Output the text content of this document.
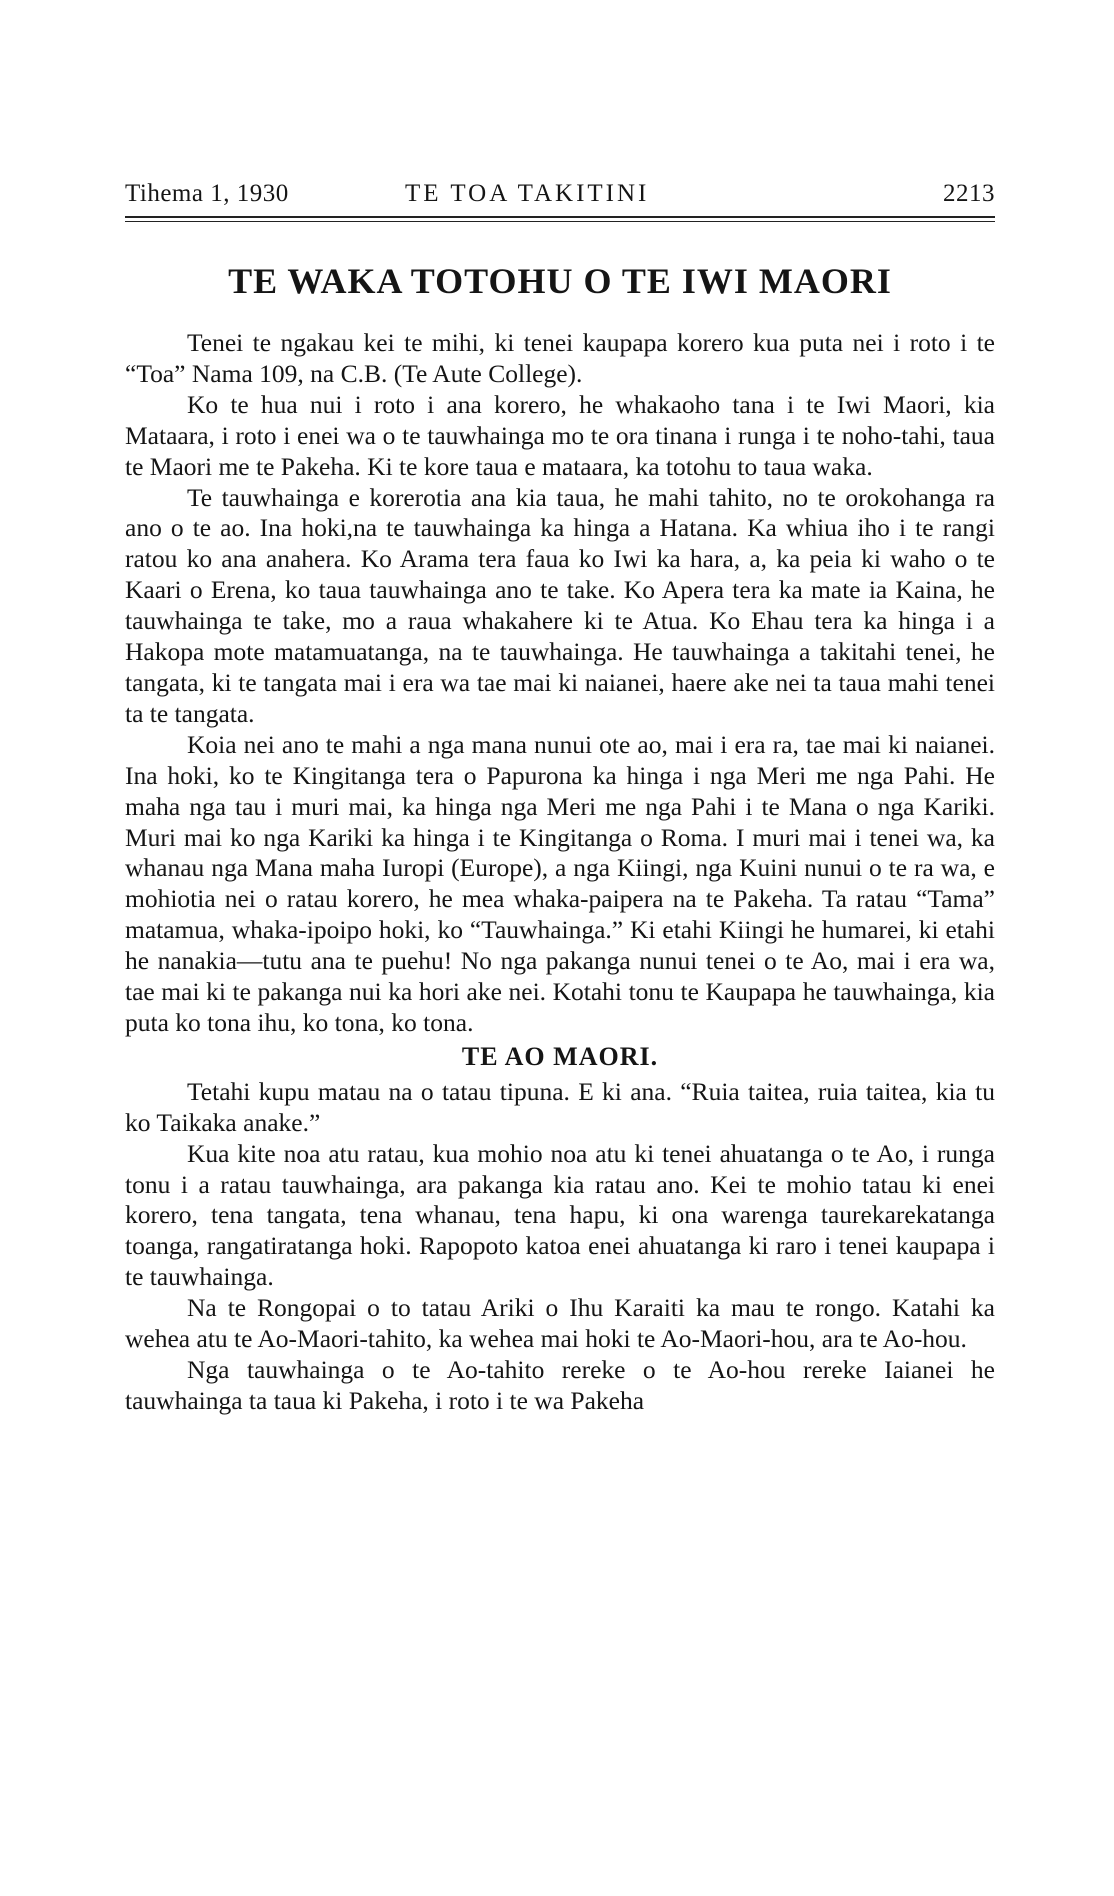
Tihema 1, 1930	TE TOA TAKITINI	2213
TE WAKA TOTOHU O TE IWI MAORI

Tenei te ngakau kei te mihi, ki tenei kaupapa korero kua puta nei i roto i te “Toa” Nama 109, na C.B. (Te Aute College).

Ko te hua nui i roto i ana korero, he whakaoho tana i te Iwi Maori, kia Mataara, i roto i enei wa o te tauwhainga mo te ora tinana i runga i te noho-tahi, taua te Maori me te Pakeha. Ki te kore taua e mataara, ka totohu to taua waka.

Te tauwhainga e korerotia ana kia taua, he mahi tahito, no te orokohanga ra ano o te ao. Ina hoki,na te tauwhainga ka hinga a Hatana. Ka whiua iho i te rangi ratou ko ana anahera. Ko Arama tera faua ko Iwi ka hara, a, ka peia ki waho o te Kaari o Erena, ko taua tauwhainga ano te take. Ko Apera tera ka mate ia Kaina, he tauwhainga te take, mo a raua whakahere ki te Atua. Ko Ehau tera ka hinga i a Hakopa mote matamuatanga, na te tauwhainga. He tauwhainga a takitahi tenei, he tangata, ki te tangata mai i era wa tae mai ki naianei, haere ake nei ta taua mahi tenei ta te tangata.

Koia nei ano te mahi a nga mana nunui ote ao, mai i era ra, tae mai ki naianei. Ina hoki, ko te Kingitanga tera o Papurona ka hinga i nga Meri me nga Pahi. He maha nga tau i muri mai, ka hinga nga Meri me nga Pahi i te Mana o nga Kariki. Muri mai ko nga Kariki ka hinga i te Kingitanga o Roma. I muri mai i tenei wa, ka whanau nga Mana maha Iuropi (Europe), a nga Kiingi, nga Kuini nunui o te ra wa, e mohiotia nei o ratau korero, he mea whaka-paipera na te Pakeha. Ta ratau “Tama” matamua, whaka-ipoipo hoki, ko “Tauwhainga.” Ki etahi Kiingi he humarei, ki etahi he nanakia—tutu ana te puehu! No nga pakanga nunui tenei o te Ao, mai i era wa, tae mai ki te pakanga nui ka hori ake nei. Kotahi tonu te Kaupapa he tauwhainga, kia puta ko tona ihu, ko tona, ko tona.

TE AO MAORI.

Tetahi kupu matau na o tatau tipuna. E ki ana. “Ruia taitea, ruia taitea, kia tu ko Taikaka anake.”

Kua kite noa atu ratau, kua mohio noa atu ki tenei ahuatanga o te Ao, i runga tonu i a ratau tauwhainga, ara pakanga kia ratau ano. Kei te mohio tatau ki enei korero, tena tangata, tena whanau, tena hapu, ki ona warenga taurekarekatanga toanga, rangatiratanga hoki. Rapopoto katoa enei ahuatanga ki raro i tenei kaupapa i te tauwhainga.

Na te Rongopai o to tatau Ariki o Ihu Karaiti ka mau te rongo. Katahi ka wehea atu te Ao-Maori-tahito, ka wehea mai hoki te Ao-Maori-hou, ara te Ao-hou.

Nga tauwhainga o te Ao-tahito rereke o te Ao-hou rereke Iaianei he tauwhainga ta taua ki Pakeha, i roto i te wa Pakeha
